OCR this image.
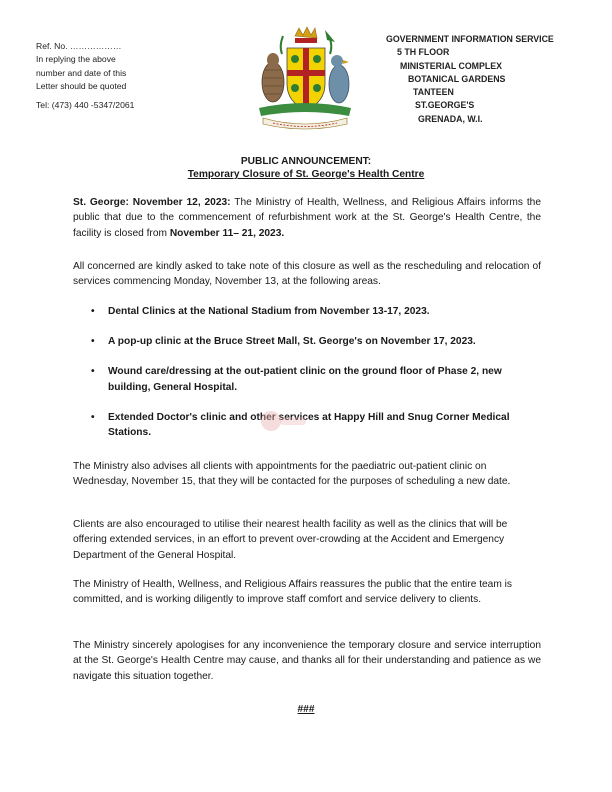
Ref. No. ………………
In replying the above
number and date of this
Letter should be quoted
Tel: (473) 440 -5347/2061
GOVERNMENT INFORMATION SERVICE
5 TH FLOOR
MINISTERIAL COMPLEX
BOTANICAL GARDENS
TANTEEN
ST.GEORGE'S
GRENADA, W.I.
PUBLIC ANNOUNCEMENT:
Temporary Closure of St. George's Health Centre
St. George: November 12, 2023: The Ministry of Health, Wellness, and Religious Affairs informs the public that due to the commencement of refurbishment work at the St. George's Health Centre, the facility is closed from November 11– 21, 2023.
All concerned are kindly asked to take note of this closure as well as the rescheduling and relocation of services commencing Monday, November 13, at the following areas.
• Dental Clinics at the National Stadium from November 13-17, 2023.
• A pop-up clinic at the Bruce Street Mall, St. George's on November 17, 2023.
• Wound care/dressing at the out-patient clinic on the ground floor of Phase 2, new building, General Hospital.
• Extended Doctor's clinic and other services at Happy Hill and Snug Corner Medical Stations.
The Ministry also advises all clients with appointments for the paediatric out-patient clinic on Wednesday, November 15, that they will be contacted for the purposes of scheduling a new date.
Clients are also encouraged to utilise their nearest health facility as well as the clinics that will be offering extended services, in an effort to prevent over-crowding at the Accident and Emergency Department of the General Hospital.
The Ministry of Health, Wellness, and Religious Affairs reassures the public that the entire team is committed, and is working diligently to improve staff comfort and service delivery to clients.
The Ministry sincerely apologises for any inconvenience the temporary closure and service interruption at the St. George's Health Centre may cause, and thanks all for their understanding and patience as we navigate this situation together.
###
